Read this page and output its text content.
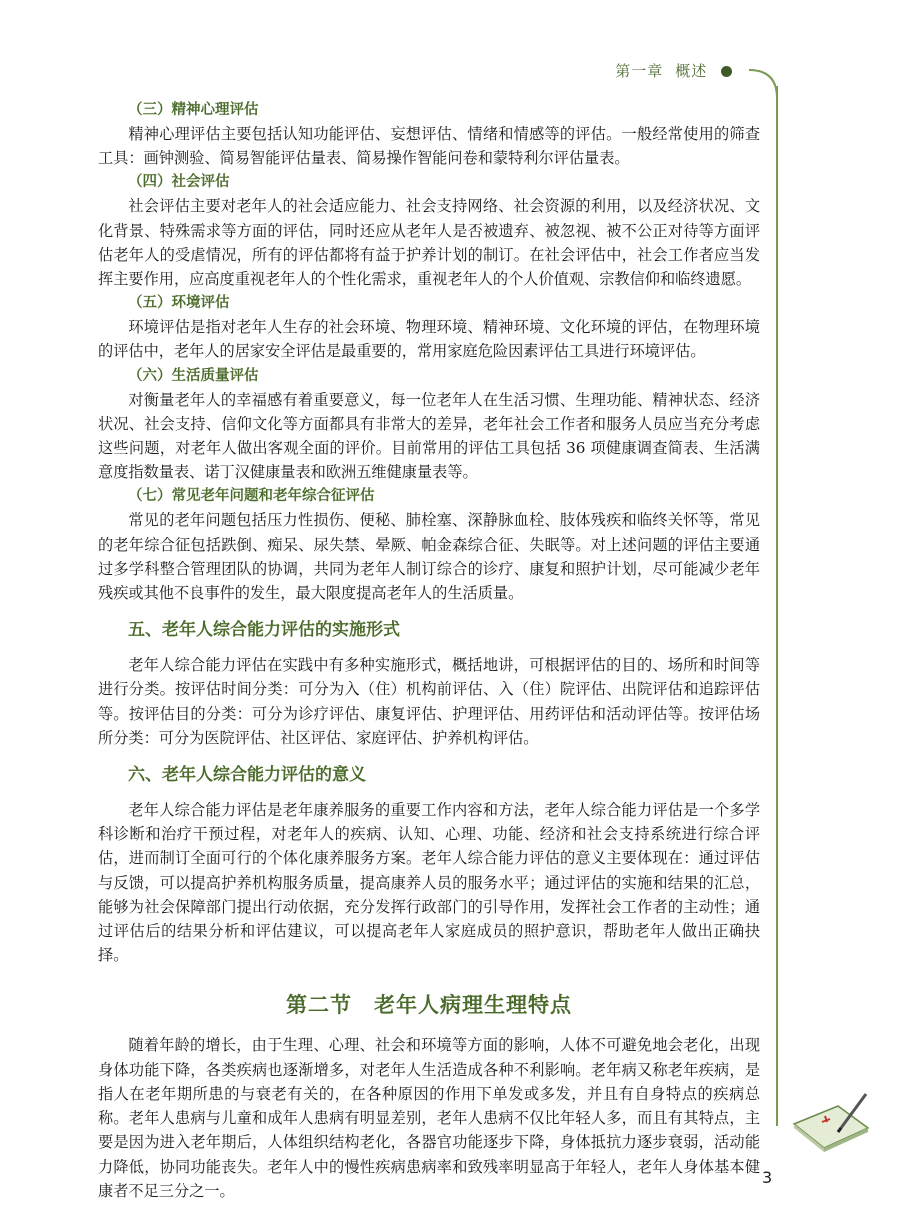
第一章 概述
（三）精神心理评估

精神心理评估主要包括认知功能评估、妄想评估、情绪和情感等的评估。一般经常使用的筛查工具：画钟测验、简易智能评估量表、简易操作智能问卷和蒙特利尔评估量表。

（四）社会评估

社会评估主要对老年人的社会适应能力、社会支持网络、社会资源的利用，以及经济状况、文化背景、特殊需求等方面的评估，同时还应从老年人是否被遗弃、被忽视、被不公正对待等方面评估老年人的受虐情况，所有的评估都将有益于护养计划的制订。在社会评估中，社会工作者应当发挥主要作用，应高度重视老年人的个性化需求，重视老年人的个人价值观、宗教信仰和临终遗愿。

（五）环境评估

环境评估是指对老年人生存的社会环境、物理环境、精神环境、文化环境的评估，在物理环境的评估中，老年人的居家安全评估是最重要的，常用家庭危险因素评估工具进行环境评估。

（六）生活质量评估

对衡量老年人的幸福感有着重要意义，每一位老年人在生活习惯、生理功能、精神状态、经济状况、社会支持、信仰文化等方面都具有非常大的差异，老年社会工作者和服务人员应当充分考虑这些问题，对老年人做出客观全面的评价。目前常用的评估工具包括 36 项健康调查简表、生活满意度指数量表、诺丁汉健康量表和欧洲五维健康量表等。

（七）常见老年问题和老年综合征评估

常见的老年问题包括压力性损伤、便秘、肺栓塞、深静脉血栓、肢体残疾和临终关怀等，常见的老年综合征包括跌倒、痴呆、尿失禁、晕厥、帕金森综合征、失眠等。对上述问题的评估主要通过多学科整合管理团队的协调，共同为老年人制订综合的诊疗、康复和照护计划，尽可能减少老年残疾或其他不良事件的发生，最大限度提高老年人的生活质量。

五、老年人综合能力评估的实施形式

老年人综合能力评估在实践中有多种实施形式，概括地讲，可根据评估的目的、场所和时间等进行分类。按评估时间分类：可分为入（住）机构前评估、入（住）院评估、出院评估和追踪评估等。按评估目的分类：可分为诊疗评估、康复评估、护理评估、用药评估和活动评估等。按评估场所分类：可分为医院评估、社区评估、家庭评估、护养机构评估。

六、老年人综合能力评估的意义

老年人综合能力评估是老年康养服务的重要工作内容和方法，老年人综合能力评估是一个多学科诊断和治疗干预过程，对老年人的疾病、认知、心理、功能、经济和社会支持系统进行综合评估，进而制订全面可行的个体化康养服务方案。老年人综合能力评估的意义主要体现在：通过评估与反馈，可以提高护养机构服务质量，提高康养人员的服务水平；通过评估的实施和结果的汇总，能够为社会保障部门提出行动依据，充分发挥行政部门的引导作用，发挥社会工作者的主动性；通过评估后的结果分析和评估建议，可以提高老年人家庭成员的照护意识，帮助老年人做出正确抉择。

第二节　老年人病理生理特点

随着年龄的增长，由于生理、心理、社会和环境等方面的影响，人体不可避免地会老化，出现身体功能下降，各类疾病也逐渐增多，对老年人生活造成各种不利影响。老年病又称老年疾病，是指人在老年期所患的与衰老有关的，在各种原因的作用下单发或多发，并且有自身特点的疾病总称。老年人患病与儿童和成年人患病有明显差别，老年人患病不仅比年轻人多，而且有其特点，主要是因为进入老年期后，人体组织结构老化，各器官功能逐步下降，身体抵抗力逐步衰弱，活动能力降低，协同功能丧失。老年人中的慢性疾病患病率和致残率明显高于年轻人，老年人身体基本健康者不足三分之一。

3
